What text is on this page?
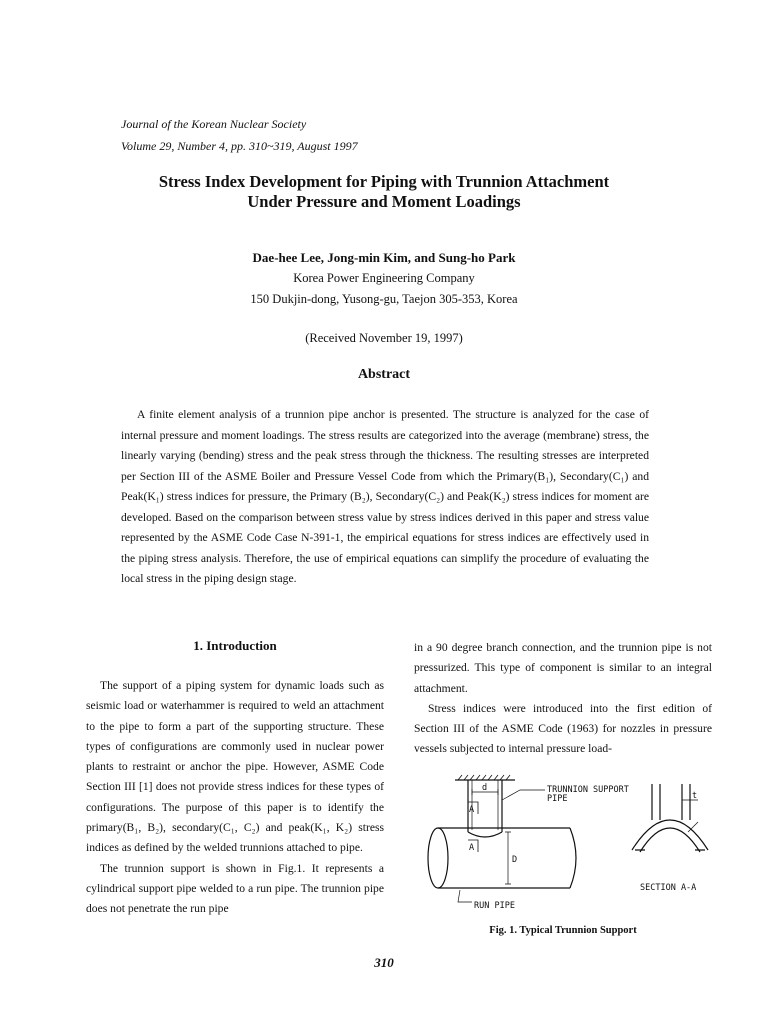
Journal of the Korean Nuclear Society
Volume 29, Number 4, pp. 310~319, August 1997
Stress Index Development for Piping with Trunnion Attachment
Under Pressure and Moment Loadings
Dae-hee Lee, Jong-min Kim, and Sung-ho Park
Korea Power Engineering Company
150 Dukjin-dong, Yusong-gu, Taejon 305-353, Korea
(Received November 19, 1997)
Abstract

A finite element analysis of a trunnion pipe anchor is presented. The structure is analyzed for the case of internal pressure and moment loadings. The stress results are categorized into the average (membrane) stress, the linearly varying (bending) stress and the peak stress through the thickness. The resulting stresses are interpreted per Section III of the ASME Boiler and Pressure Vessel Code from which the Primary(B₁), Secondary(C₁) and Peak(K₁) stress indices for pressure, the Primary (B₂), Secondary(C₂) and Peak(K₂) stress indices for moment are developed. Based on the comparison between stress value by stress indices derived in this paper and stress value represented by the ASME Code Case N-391-1, the empirical equations for stress indices are effectively used in the piping stress analysis. Therefore, the use of empirical equations can simplify the procedure of evaluating the local stress in the piping design stage.

1. Introduction

The support of a piping system for dynamic loads such as seismic load or waterhammer is required to weld an attachment to the pipe to form a part of the supporting structure. These types of configurations are commonly used in nuclear power plants to restraint or anchor the pipe. However, ASME Code Section III [1] does not provide stress indices for these types of configurations. The purpose of this paper is to identify the primary(B₁, B₂), secondary(C₁, C₂) and peak(K₁, K₂) stress indices as defined by the welded trunnions attached to pipe.

The trunnion support is shown in Fig.1. It represents a cylindrical support pipe welded to a run pipe. The trunnion pipe does not penetrate the run pipe

in a 90 degree branch connection, and the trunnion pipe is not pressurized. This type of component is similar to an integral attachment.

Stress indices were introduced into the first edition of Section III of the ASME Code (1963) for nozzles in pressure vessels subjected to internal pressure load-

TRUNNION SUPPORT
PIPE
d
D
A
A
t
RUN PIPE
SECTION A-A
Fig. 1. Typical Trunnion Support
310
